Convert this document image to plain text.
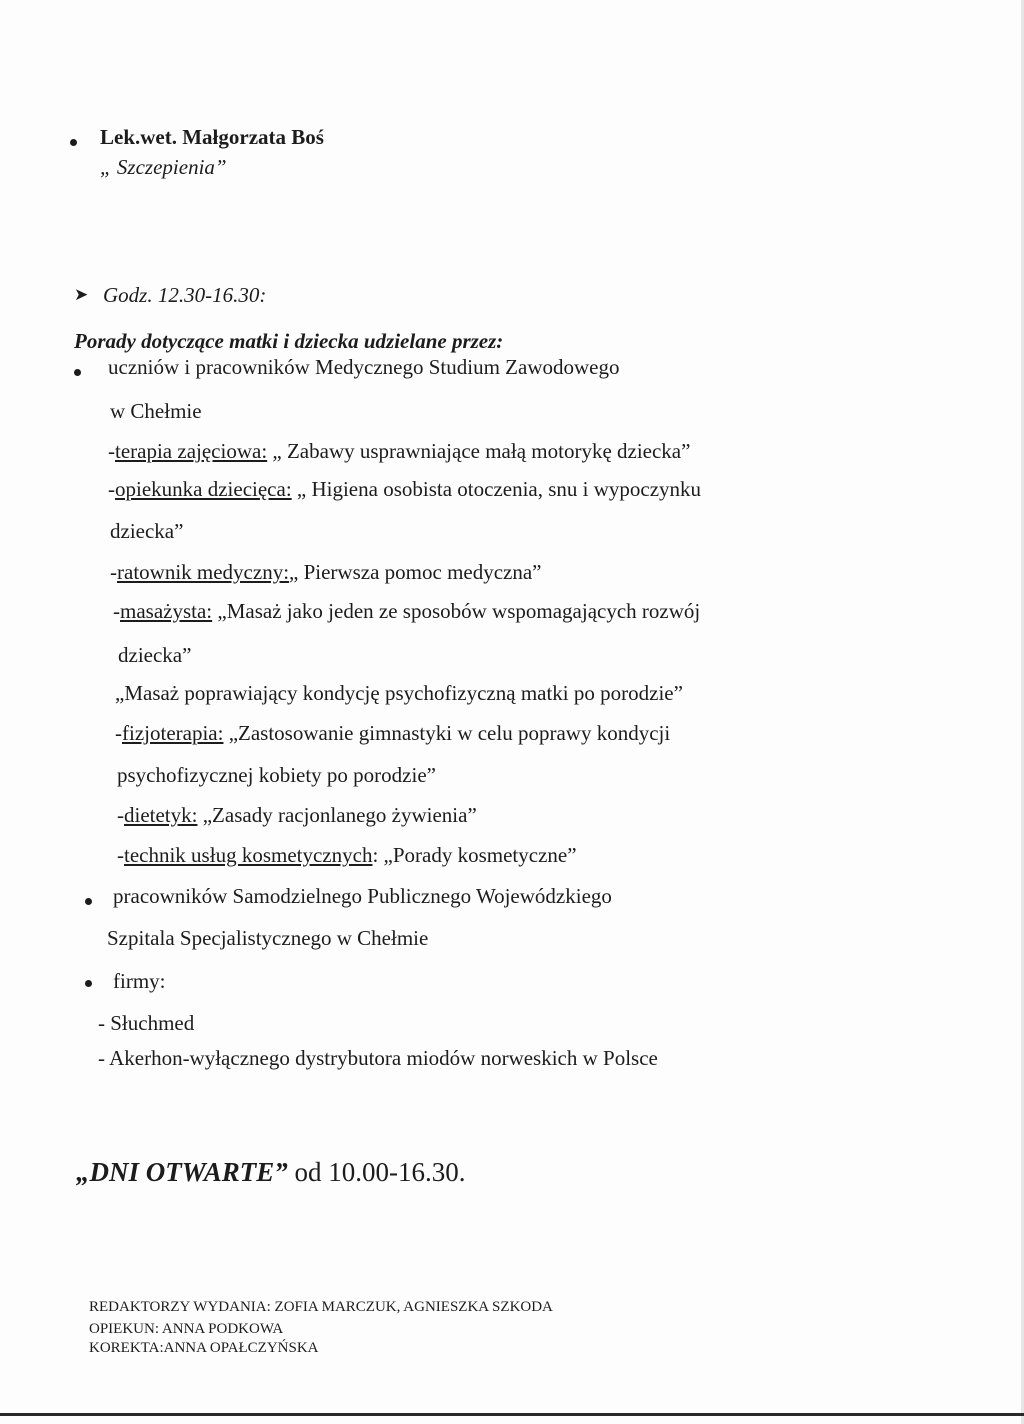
Lek.wet. Małgorzata Boś
„ Szczepienia”
➤ Godz. 12.30-16.30:
Porady dotyczące matki i dziecka udzielane przez:
uczniów i pracowników Medycznego Studium Zawodowego
w Chełmie
-terapia zajęciowa: „ Zabawy usprawniające małą motorykę dziecka”
-opiekunka dziecięca: „ Higiena osobista otoczenia, snu i wypoczynku
dziecka”
-ratownik medyczny:„ Pierwsza pomoc medyczna”
-masażysta: „Masaż jako jeden ze sposobów wspomagających rozwój
dziecka”
„Masaż poprawiający kondycję psychofizyczną matki po porodzie”
-fizjoterapia: „Zastosowanie gimnastyki w celu poprawy kondycji
psychofizycznej kobiety po porodzie”
-dietetyk: „Zasady racjonlanego żywienia”
-technik usług kosmetycznych: „Porady kosmetyczne”
pracowników Samodzielnego Publicznego Wojewódzkiego
Szpitala Specjalistycznego w Chełmie
firmy:
- Słuchmed
- Akerhon-wyłącznego dystrybutora miodów norweskich w Polsce
„DNI OTWARTE” od 10.00-16.30.
REDAKTORZY WYDANIA: ZOFIA MARCZUK, AGNIESZKA SZKODA
OPIEKUN: ANNA PODKOWA
KOREKTA:ANNA OPAŁCZYŃSKA
